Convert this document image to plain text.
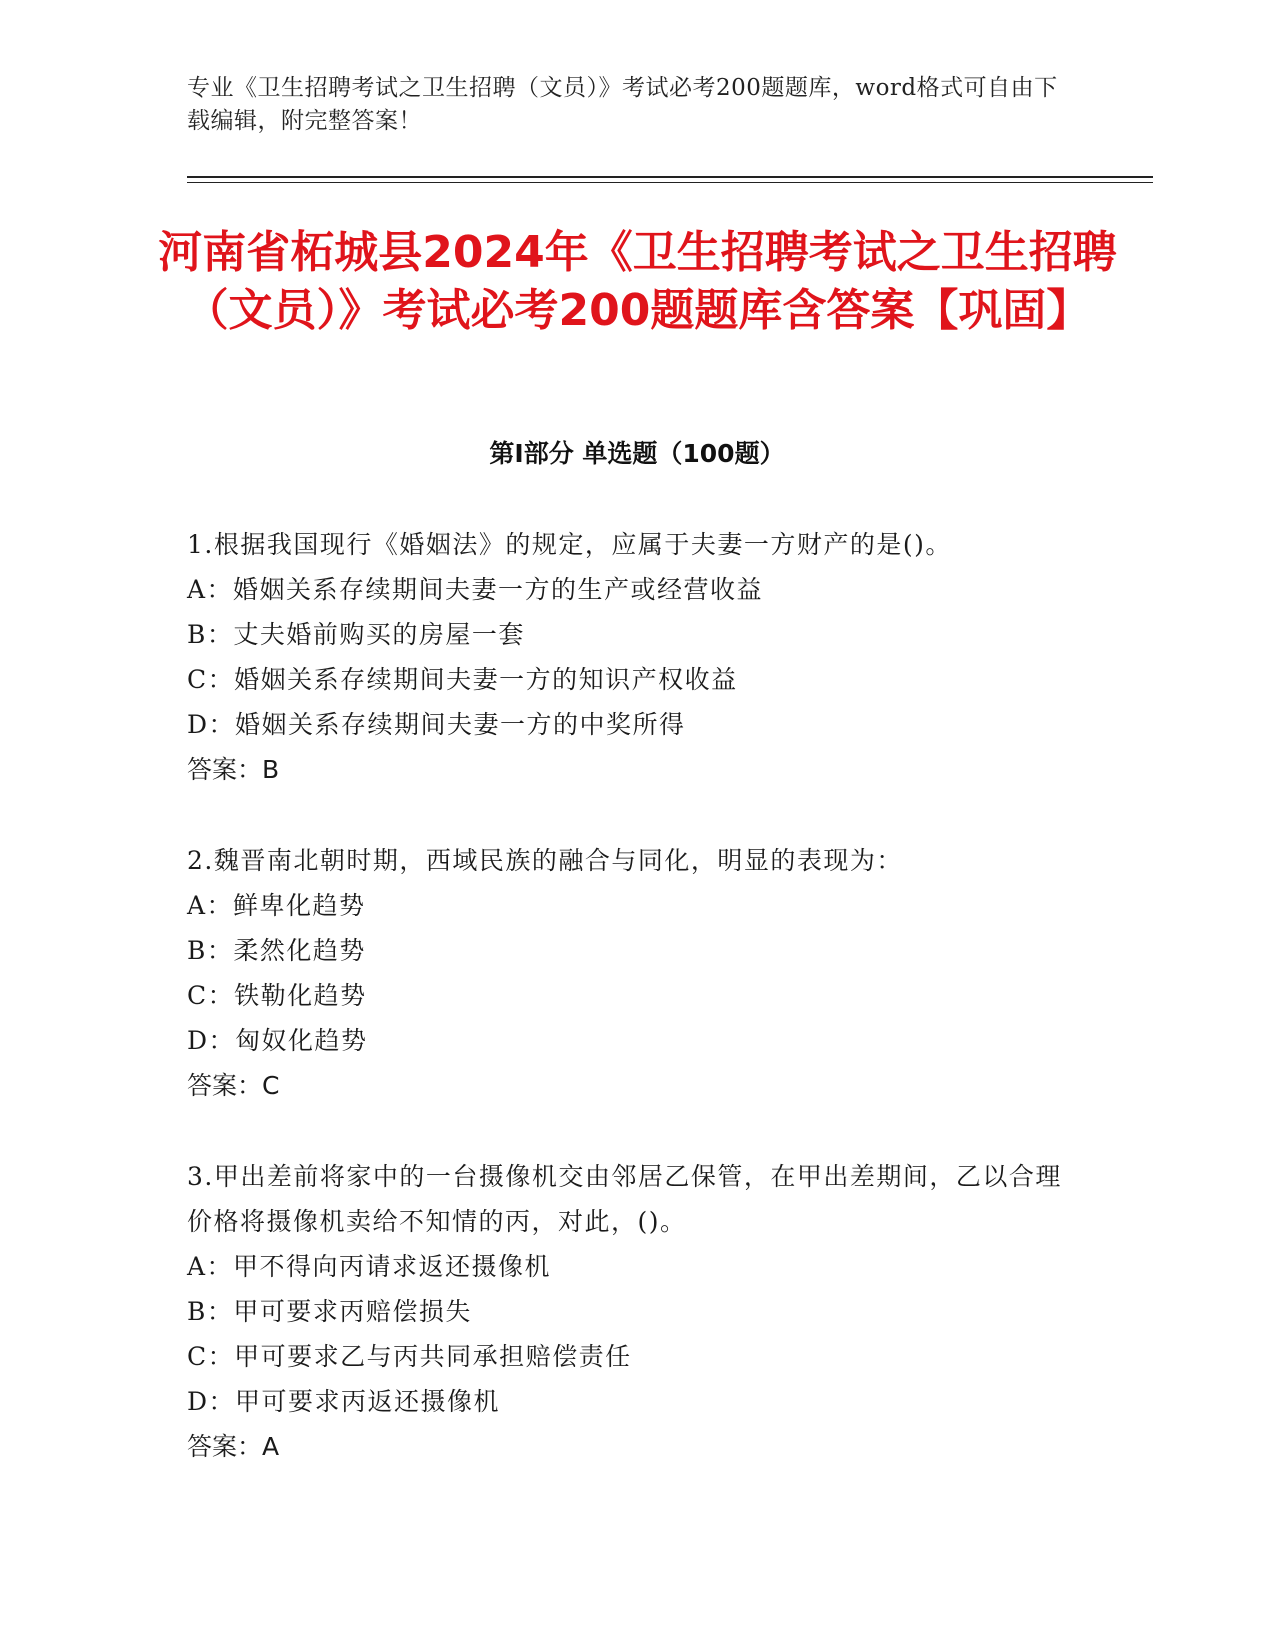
专业《卫生招聘考试之卫生招聘（文员）》考试必考200题题库，word格式可自由下载编辑，附完整答案！
河南省柘城县2024年《卫生招聘考试之卫生招聘（文员）》考试必考200题题库含答案【巩固】
第I部分 单选题（100题）
1.根据我国现行《婚姻法》的规定，应属于夫妻一方财产的是()。
A：婚姻关系存续期间夫妻一方的生产或经营收益
B：丈夫婚前购买的房屋一套
C：婚姻关系存续期间夫妻一方的知识产权收益
D：婚姻关系存续期间夫妻一方的中奖所得
答案：B
2.魏晋南北朝时期，西域民族的融合与同化，明显的表现为：
A：鲜卑化趋势
B：柔然化趋势
C：铁勒化趋势
D：匈奴化趋势
答案：C
3.甲出差前将家中的一台摄像机交由邻居乙保管，在甲出差期间，乙以合理价格将摄像机卖给不知情的丙，对此，()。
A：甲不得向丙请求返还摄像机
B：甲可要求丙赔偿损失
C：甲可要求乙与丙共同承担赔偿责任
D：甲可要求丙返还摄像机
答案：A
